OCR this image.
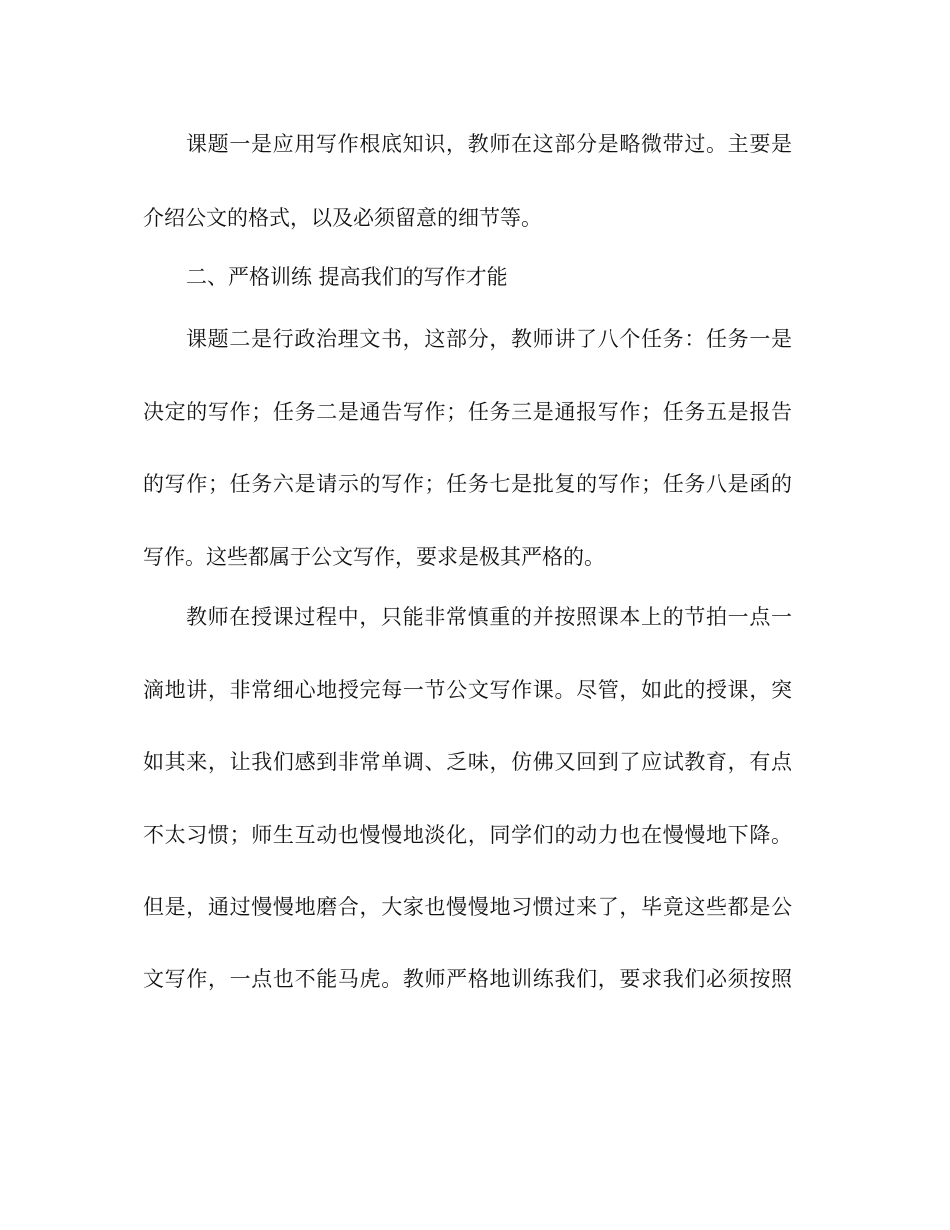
课题一是应用写作根底知识，教师在这部分是略微带过。主要是
介绍公文的格式，以及必须留意的细节等。
二、严格训练 提高我们的写作才能
课题二是行政治理文书，这部分，教师讲了八个任务：任务一是
决定的写作；任务二是通告写作；任务三是通报写作；任务五是报告
的写作；任务六是请示的写作；任务七是批复的写作；任务八是函的
写作。这些都属于公文写作，要求是极其严格的。
教师在授课过程中，只能非常慎重的并按照课本上的节拍一点一
滴地讲，非常细心地授完每一节公文写作课。尽管，如此的授课，突
如其来，让我们感到非常单调、乏味，仿佛又回到了应试教育，有点
不太习惯；师生互动也慢慢地淡化，同学们的动力也在慢慢地下降。
但是，通过慢慢地磨合，大家也慢慢地习惯过来了，毕竟这些都是公
文写作，一点也不能马虎。教师严格地训练我们，要求我们必须按照
